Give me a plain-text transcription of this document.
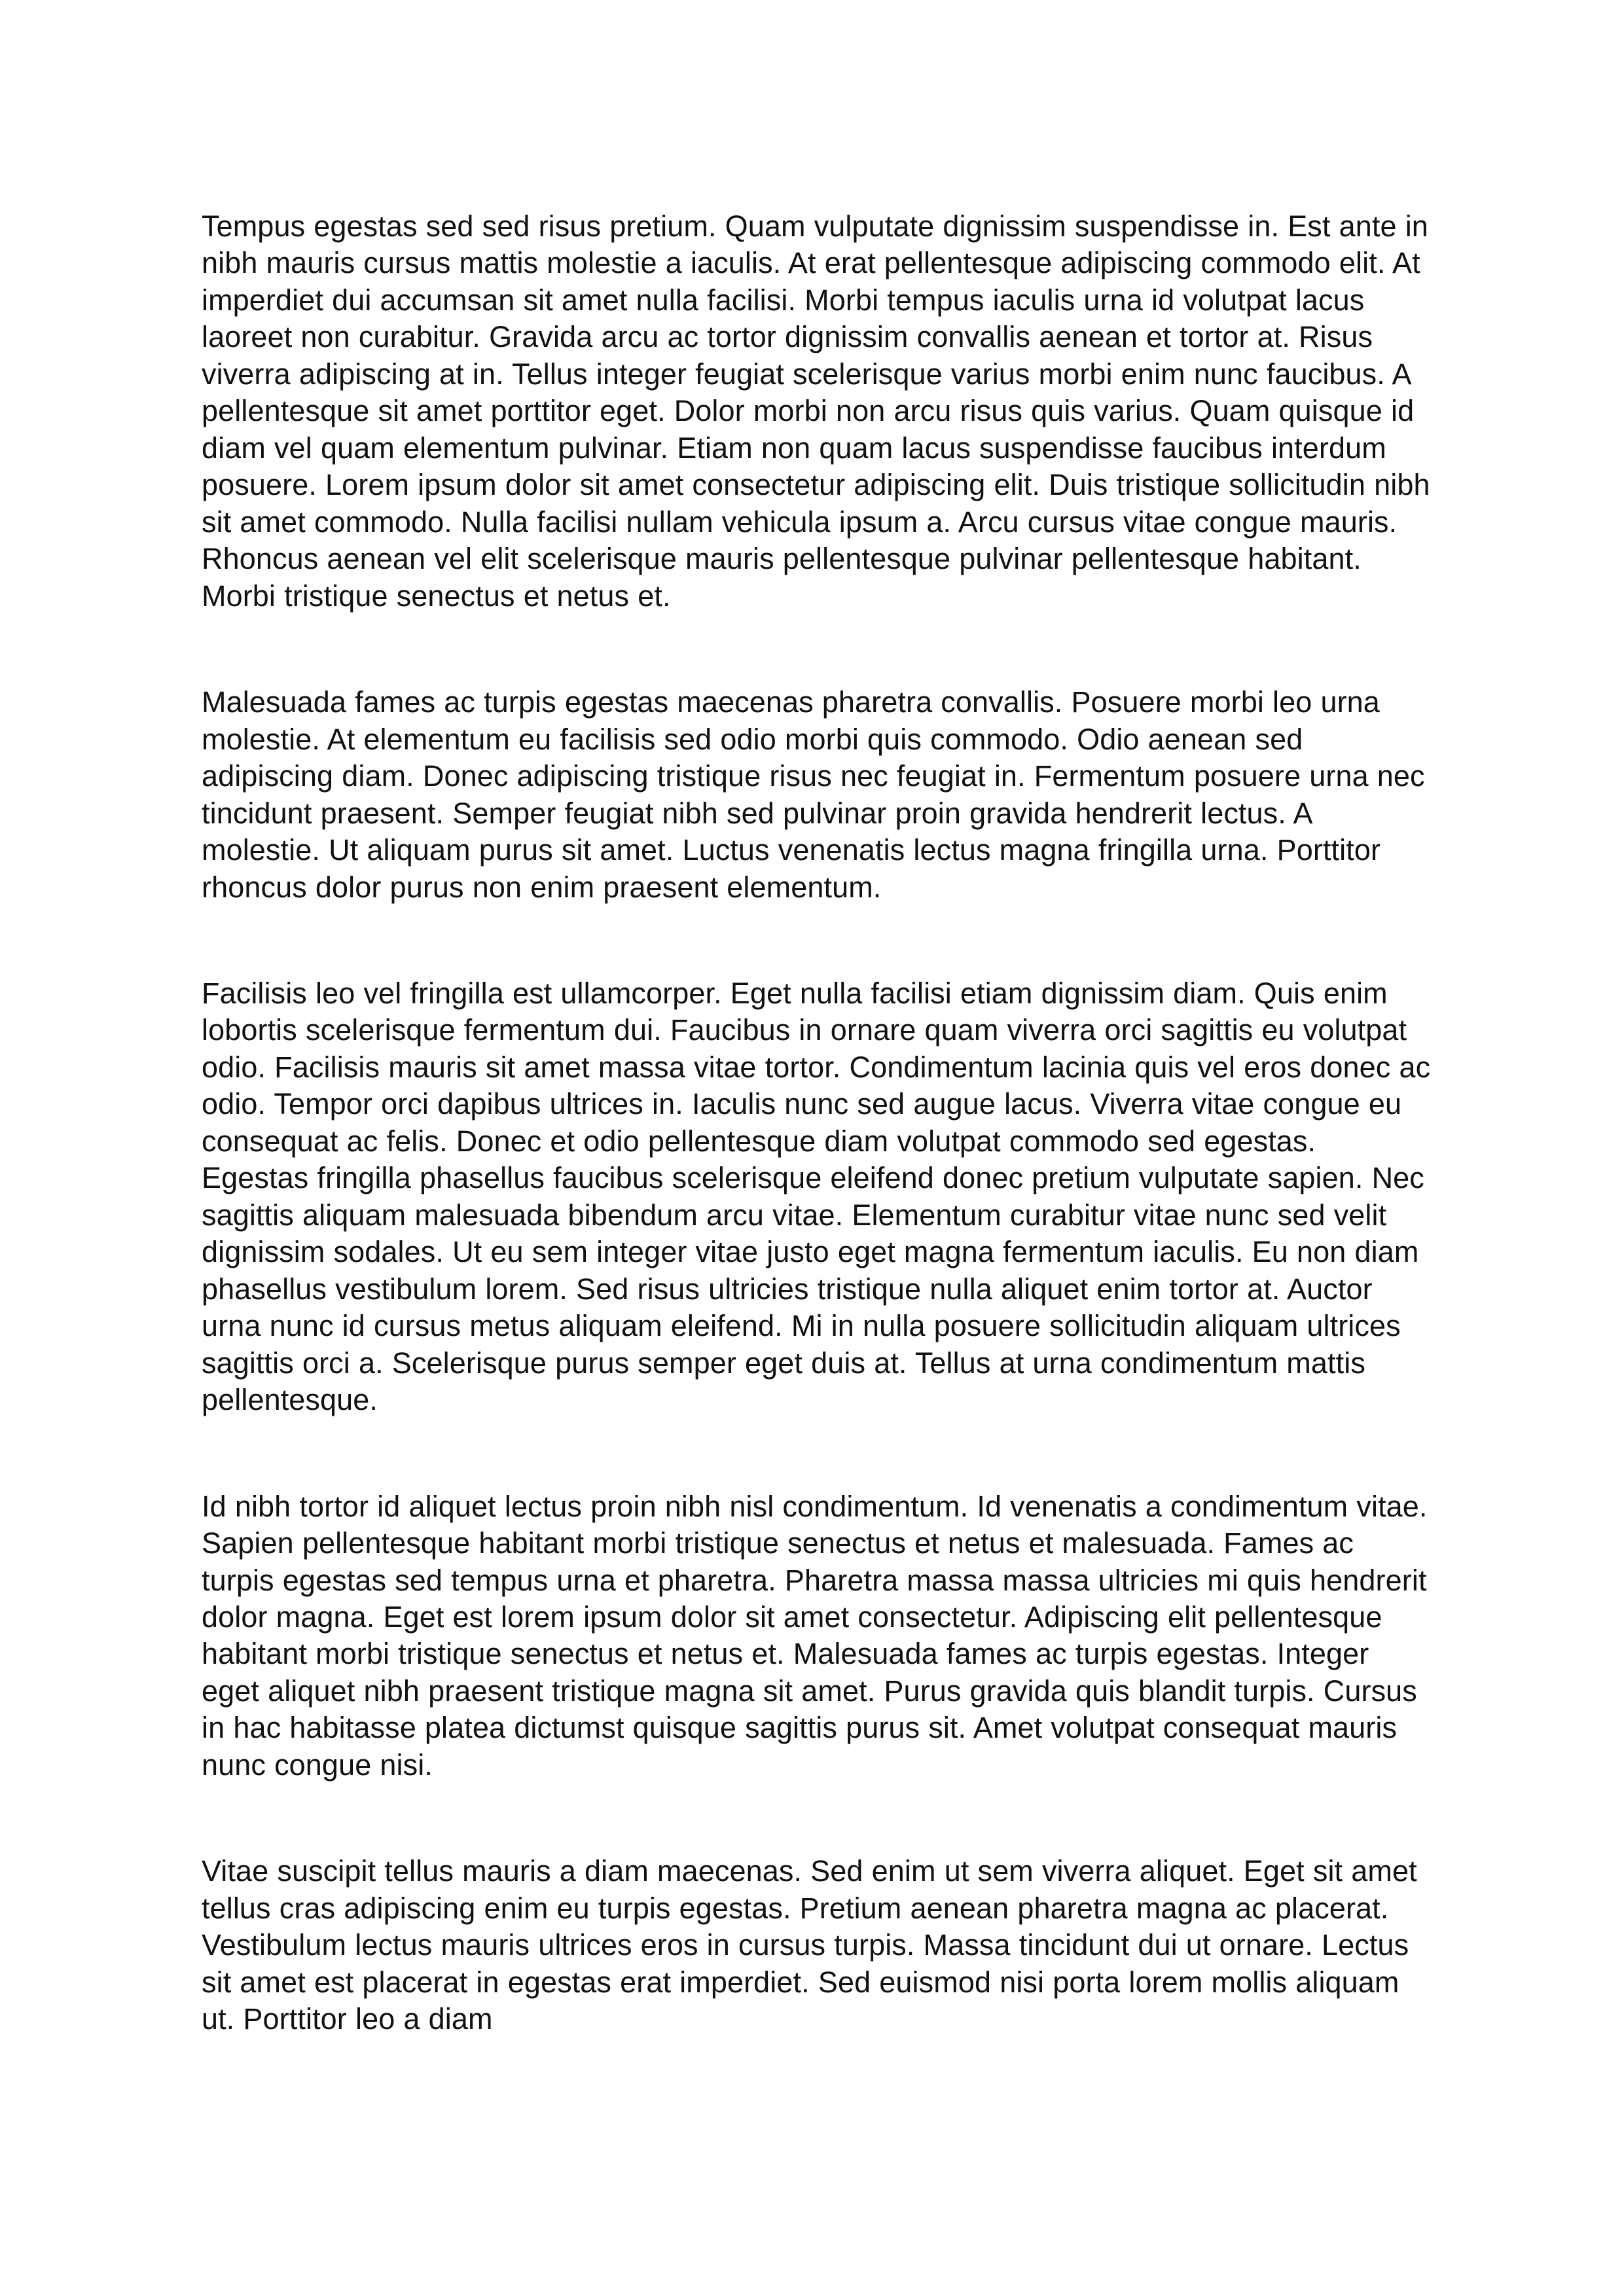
Tempus egestas sed sed risus pretium. Quam vulputate dignissim suspendisse in. Est ante in nibh mauris cursus mattis molestie a iaculis. At erat pellentesque adipiscing commodo elit. At imperdiet dui accumsan sit amet nulla facilisi. Morbi tempus iaculis urna id volutpat lacus laoreet non curabitur. Gravida arcu ac tortor dignissim convallis aenean et tortor at. Risus viverra adipiscing at in. Tellus integer feugiat scelerisque varius morbi enim nunc faucibus. A pellentesque sit amet porttitor eget. Dolor morbi non arcu risus quis varius. Quam quisque id diam vel quam elementum pulvinar. Etiam non quam lacus suspendisse faucibus interdum posuere. Lorem ipsum dolor sit amet consectetur adipiscing elit. Duis tristique sollicitudin nibh sit amet commodo. Nulla facilisi nullam vehicula ipsum a. Arcu cursus vitae congue mauris. Rhoncus aenean vel elit scelerisque mauris pellentesque pulvinar pellentesque habitant. Morbi tristique senectus et netus et.

Malesuada fames ac turpis egestas maecenas pharetra convallis. Posuere morbi leo urna molestie. At elementum eu facilisis sed odio morbi quis commodo. Odio aenean sed adipiscing diam. Donec adipiscing tristique risus nec feugiat in. Fermentum posuere urna nec tincidunt praesent. Semper feugiat nibh sed pulvinar proin gravida hendrerit lectus. A molestie. Ut aliquam purus sit amet. Luctus venenatis lectus magna fringilla urna. Porttitor rhoncus dolor purus non enim praesent elementum.

Facilisis leo vel fringilla est ullamcorper. Eget nulla facilisi etiam dignissim diam. Quis enim lobortis scelerisque fermentum dui. Faucibus in ornare quam viverra orci sagittis eu volutpat odio. Facilisis mauris sit amet massa vitae tortor. Condimentum lacinia quis vel eros donec ac odio. Tempor orci dapibus ultrices in. Iaculis nunc sed augue lacus. Viverra vitae congue eu consequat ac felis. Donec et odio pellentesque diam volutpat commodo sed egestas. Egestas fringilla phasellus faucibus scelerisque eleifend donec pretium vulputate sapien. Nec sagittis aliquam malesuada bibendum arcu vitae. Elementum curabitur vitae nunc sed velit dignissim sodales. Ut eu sem integer vitae justo eget magna fermentum iaculis. Eu non diam phasellus vestibulum lorem. Sed risus ultricies tristique nulla aliquet enim tortor at. Auctor urna nunc id cursus metus aliquam eleifend. Mi in nulla posuere sollicitudin aliquam ultrices sagittis orci a. Scelerisque purus semper eget duis at. Tellus at urna condimentum mattis pellentesque.

Id nibh tortor id aliquet lectus proin nibh nisl condimentum. Id venenatis a condimentum vitae. Sapien pellentesque habitant morbi tristique senectus et netus et malesuada. Fames ac turpis egestas sed tempus urna et pharetra. Pharetra massa massa ultricies mi quis hendrerit dolor magna. Eget est lorem ipsum dolor sit amet consectetur. Adipiscing elit pellentesque habitant morbi tristique senectus et netus et. Malesuada fames ac turpis egestas. Integer eget aliquet nibh praesent tristique magna sit amet. Purus gravida quis blandit turpis. Cursus in hac habitasse platea dictumst quisque sagittis purus sit. Amet volutpat consequat mauris nunc congue nisi.

Vitae suscipit tellus mauris a diam maecenas. Sed enim ut sem viverra aliquet. Eget sit amet tellus cras adipiscing enim eu turpis egestas. Pretium aenean pharetra magna ac placerat. Vestibulum lectus mauris ultrices eros in cursus turpis. Massa tincidunt dui ut ornare. Lectus sit amet est placerat in egestas erat imperdiet. Sed euismod nisi porta lorem mollis aliquam ut. Porttitor leo a diam
